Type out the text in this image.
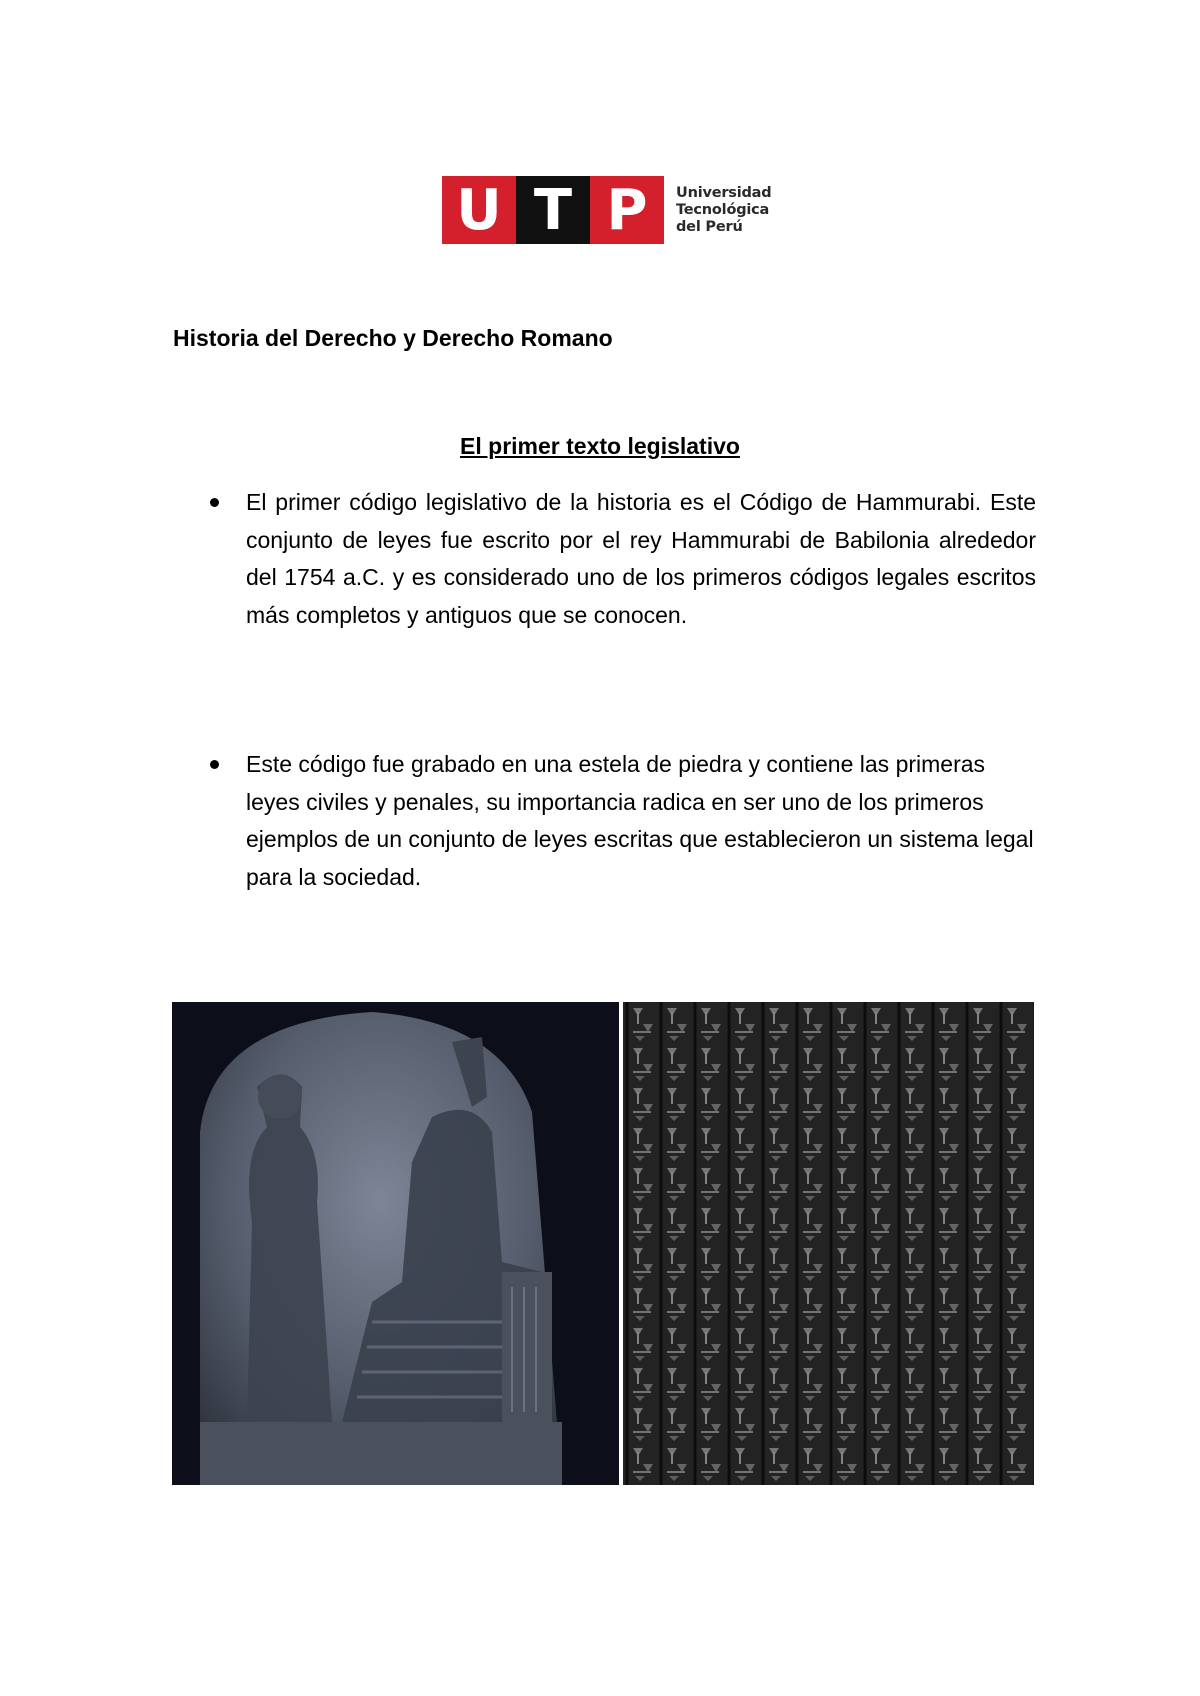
U T P	Universidad
Tecnológica
del Perú
Historia del Derecho y Derecho Romano
El primer texto legislativo
El primer código legislativo de la historia es el Código de Hammurabi. Este conjunto de leyes fue escrito por el rey Hammurabi de Babilonia alrededor del 1754 a.C. y es considerado uno de los primeros códigos legales escritos más completos y antiguos que se conocen.
Este código fue grabado en una estela de piedra y contiene las primeras leyes civiles y penales, su importancia radica en ser uno de los primeros ejemplos de un conjunto de leyes escritas que establecieron un sistema legal para la sociedad.
